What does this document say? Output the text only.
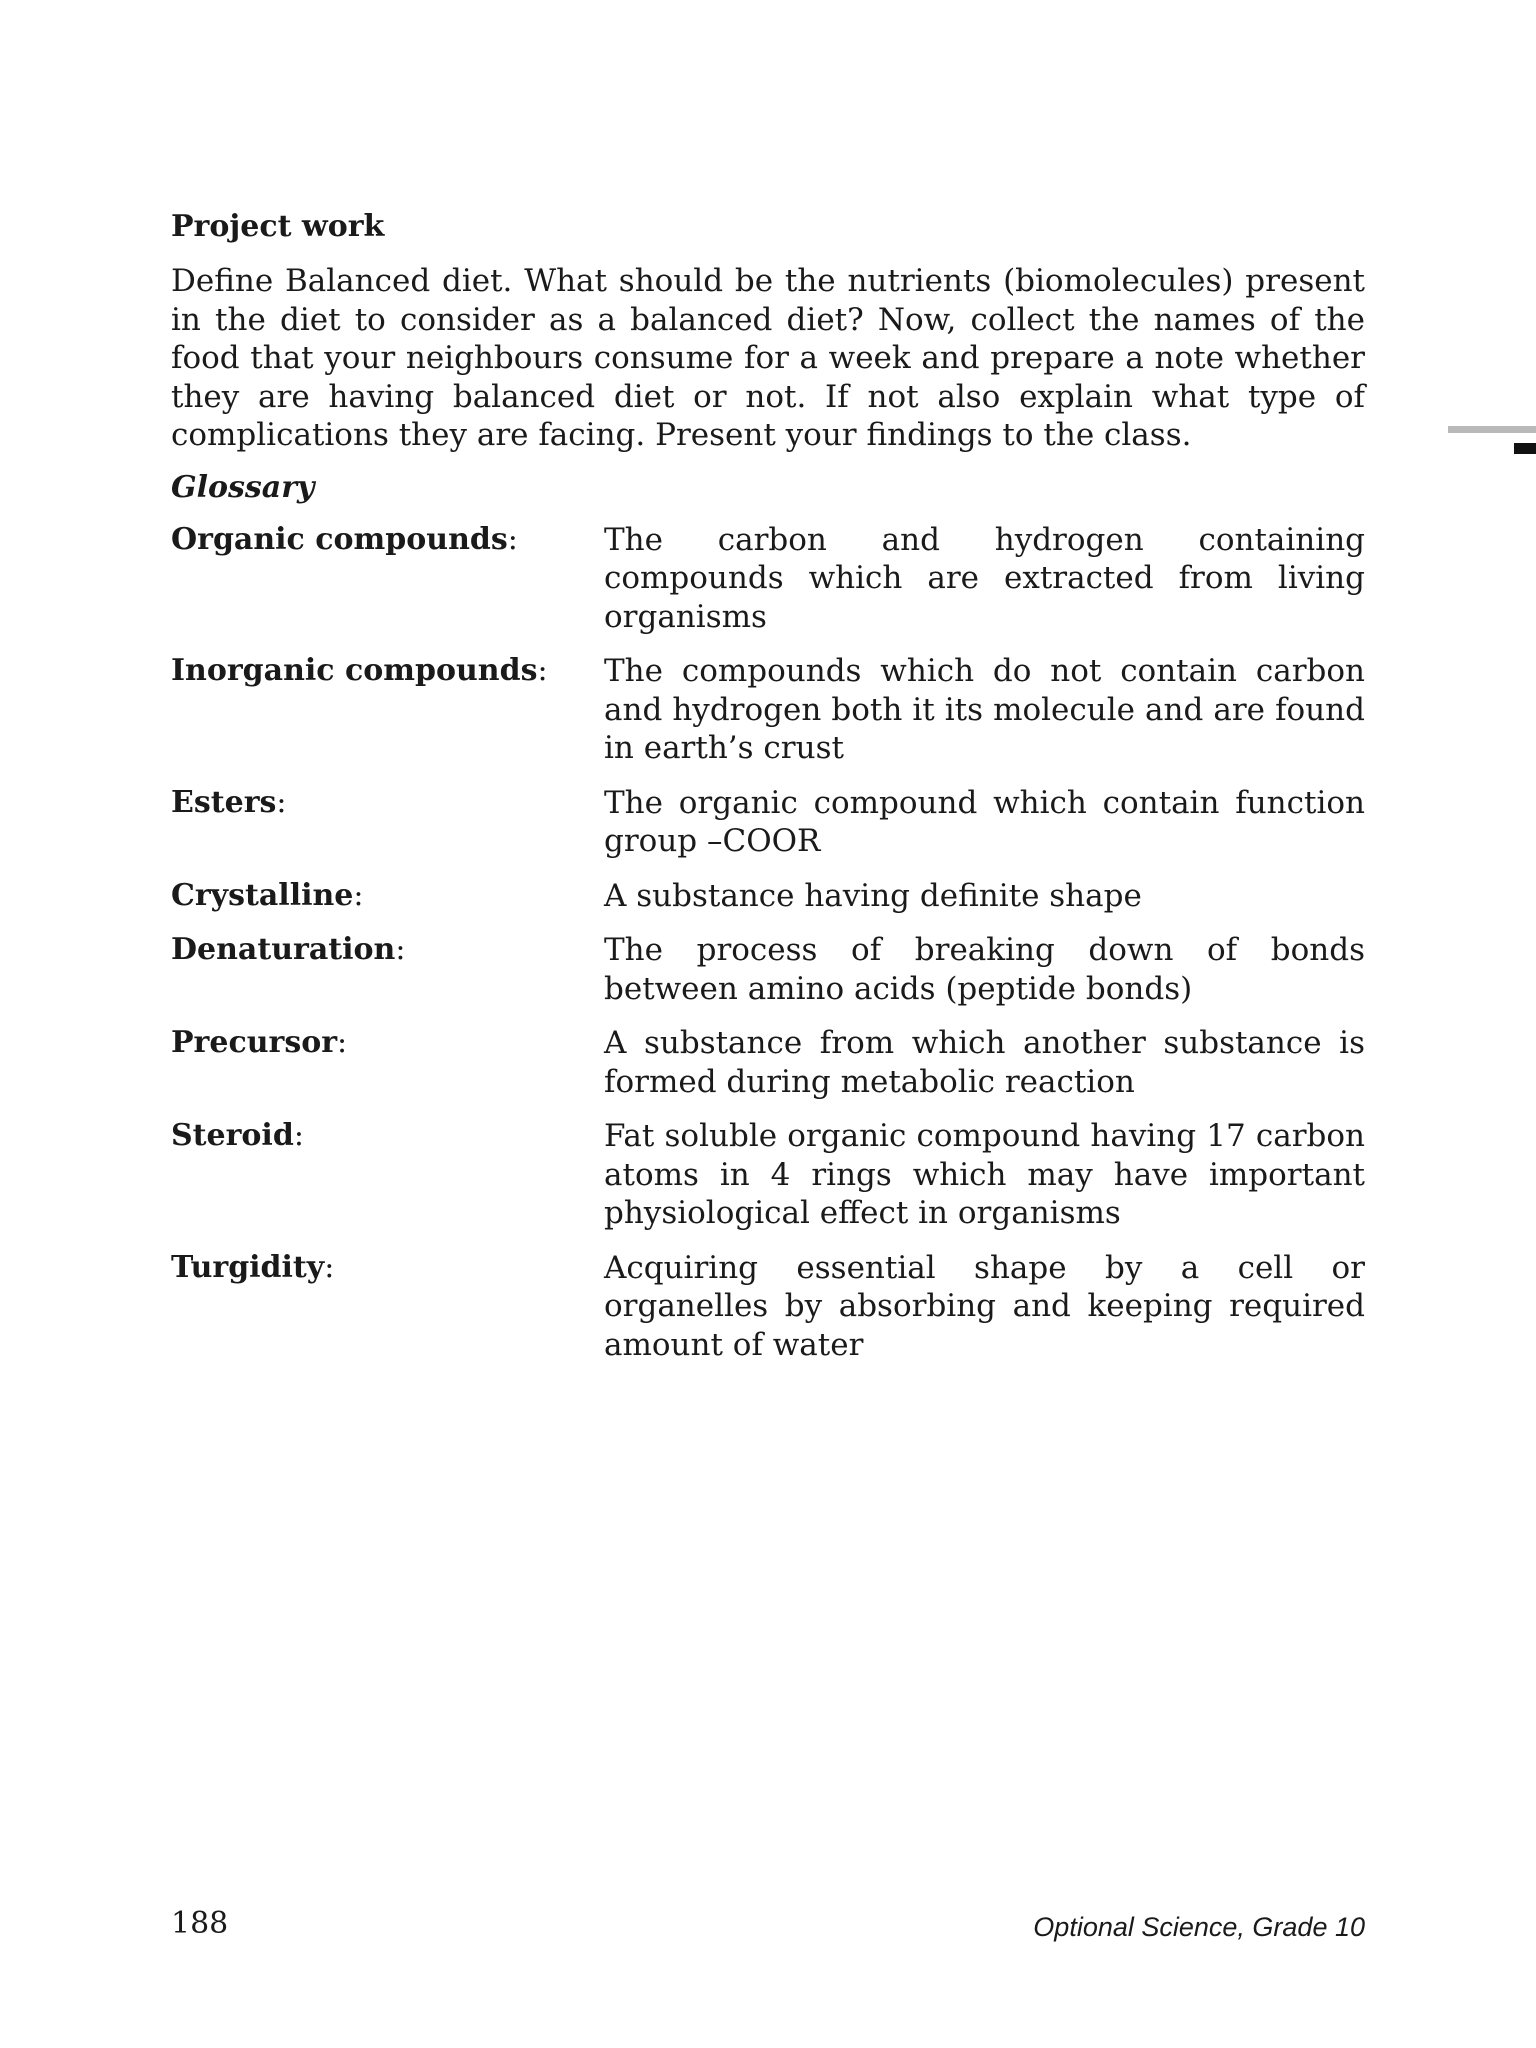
Project work

Define Balanced diet. What should be the nutrients (biomolecules) present in the diet to consider as a balanced diet? Now, collect the names of the food that your neighbours consume for a week and prepare a note whether they are having balanced diet or not. If not also explain what type of complications they are facing. Present your findings to the class.

Glossary
Organic compounds:	The carbon and hydrogen containing compounds which are extracted from living organisms
Inorganic compounds:	The compounds which do not contain carbon and hydrogen both it its molecule and are found in earth’s crust
Esters:	The organic compound which contain function group –COOR
Crystalline:	A substance having definite shape
Denaturation:	The process of breaking down of bonds between amino acids (peptide bonds)
Precursor:	A substance from which another substance is formed during metabolic reaction
Steroid:	Fat soluble organic compound having 17 carbon atoms in 4 rings which may have important physiological effect in organisms
Turgidity:	Acquiring essential shape by a cell or organelles by absorbing and keeping required amount of water
188	Optional Science, Grade 10
